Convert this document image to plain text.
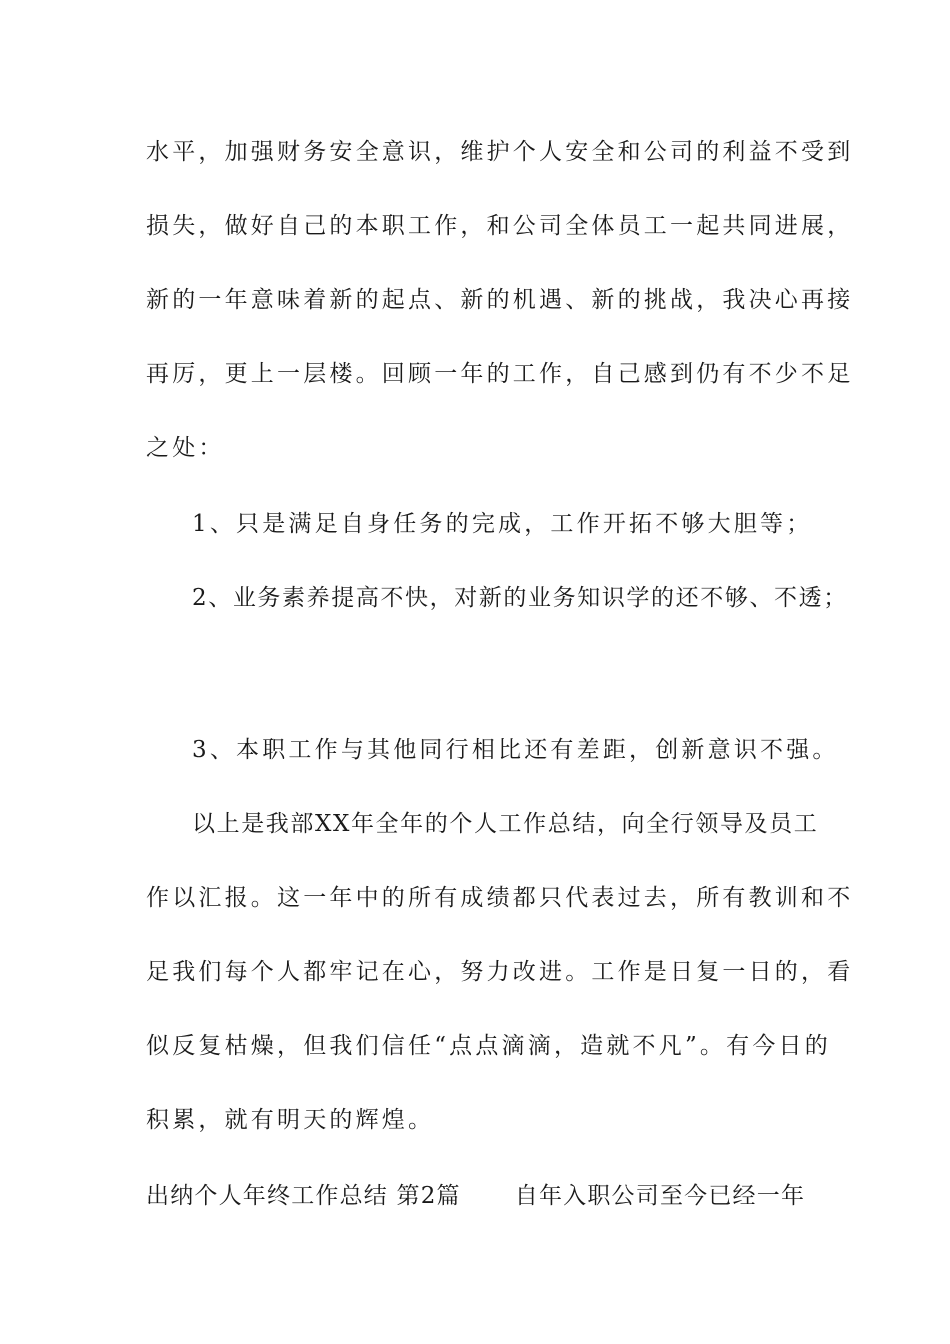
水平，加强财务安全意识，维护个人安全和公司的利益不受到
损失，做好自己的本职工作，和公司全体员工一起共同进展，
新的一年意味着新的起点、新的机遇、新的挑战，我决心再接
再厉，更上一层楼。回顾一年的工作，自己感到仍有不少不足
之处：
1、只是满足自身任务的完成，工作开拓不够大胆等；
2、业务素养提高不快，对新的业务知识学的还不够、不透；
3、本职工作与其他同行相比还有差距，创新意识不强。
以上是我部XX年全年的个人工作总结，向全行领导及员工
作以汇报。这一年中的所有成绩都只代表过去，所有教训和不
足我们每个人都牢记在心，努力改进。工作是日复一日的，看
似反复枯燥，但我们信任“点点滴滴，造就不凡”。有今日的
积累，就有明天的辉煌。
出纳个人年终工作总结 第2篇 自年入职公司至今已经一年
